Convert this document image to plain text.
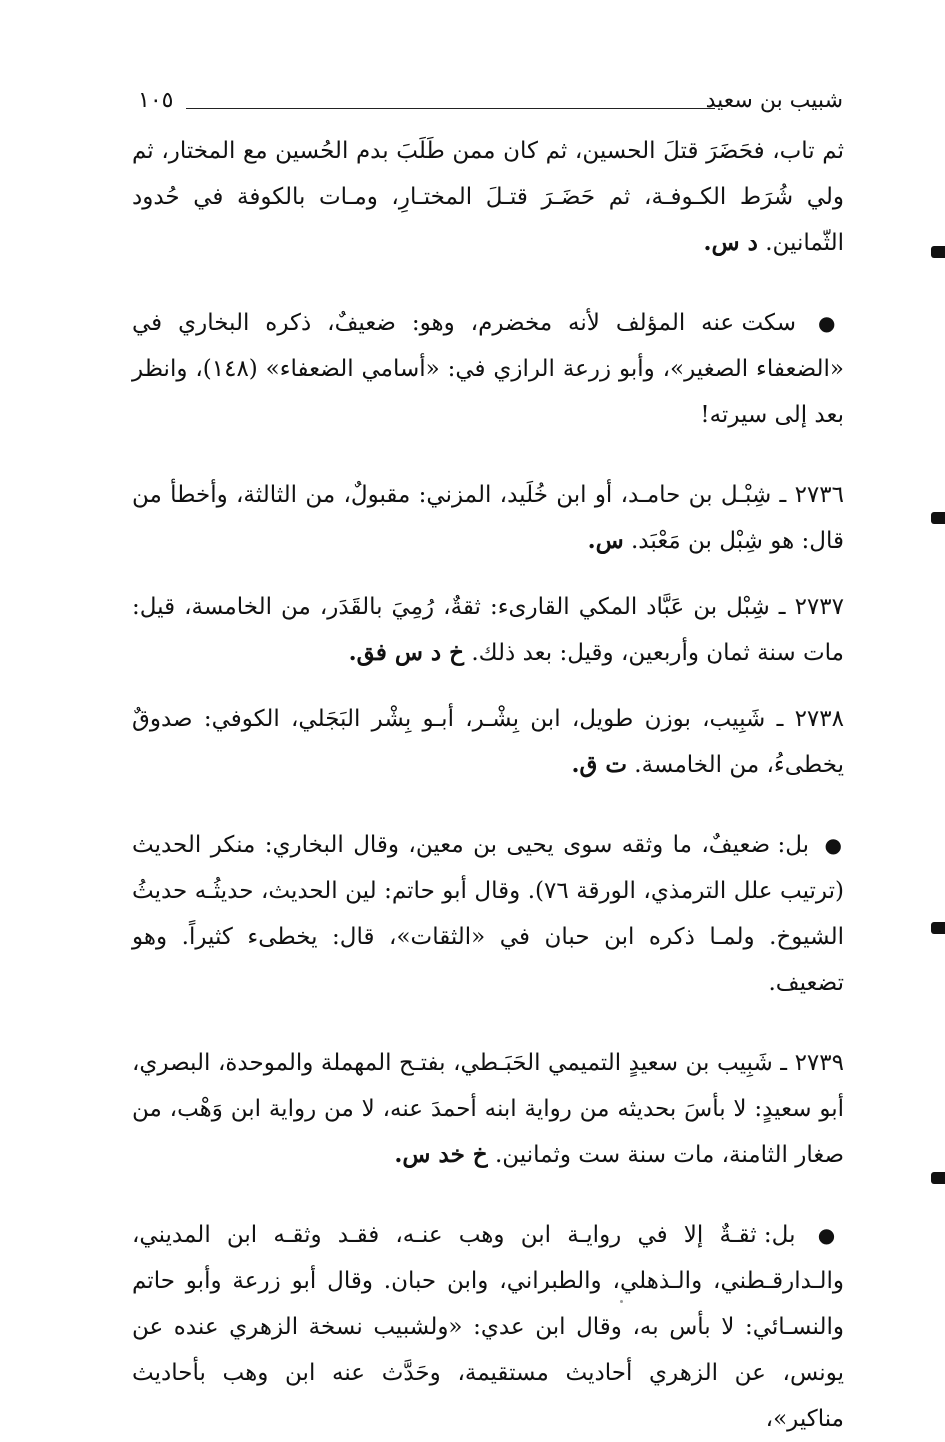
شبيب بن سعيد
١٠٥

ثم تاب، فحَضَرَ قتلَ الحسين، ثم كان ممن طَلَبَ بدم الحُسين مع المختار، ثم ولي شُرَط الكـوفـة، ثم حَضَـرَ قتـلَ المختـارِ، ومـات بالكوفة في حُدود الثّمانين. د س.

● سكت عنه المؤلف لأنه مخضرم، وهو: ضعيفٌ، ذكره البخاري في «الضعفاء الصغير»، وأبو زرعة الرازي في: «أسامي الضعفاء» (١٤٨)، وانظر بعد إلى سيرته!

٢٧٣٦ ـ شِبْـل بن حامـد، أو ابن خُلَيد، المزني: مقبولٌ، من الثالثة، وأخطأ من قال: هو شِبْل بن مَعْبَد. س.

٢٧٣٧ ـ شِبْل بن عَبَّاد المكي القارىء: ثقةٌ، رُمِيَ بالقَدَر، من الخامسة، قيل: مات سنة ثمان وأربعين، وقيل: بعد ذلك. خ د س فق.

٢٧٣٨ ـ شَبِيب، بوزن طويل، ابن بِشْـر، أبـو بِشْر البَجَلي، الكوفي: صدوقٌ يخطىءُ، من الخامسة. ت ق.

● بل: ضعيفٌ، ما وثقه سوى يحيى بن معين، وقال البخاري: منكر الحديث (ترتيب علل الترمذي، الورقة ٧٦). وقال أبو حاتم: لين الحديث، حديثُـه حديثُ الشيوخ. ولمـا ذكره ابن حبان في «الثقات»، قال: يخطىء كثيراً. وهو تضعيف.

٢٧٣٩ ـ شَبِيب بن سعيدٍ التميمي الحَبَـطي، بفتـح المهملة والموحدة، البصري، أبو سعيدٍ: لا بأسَ بحديثه من رواية ابنه أحمدَ عنه، لا من رواية ابن وَهْب، من صغار الثامنة، مات سنة ست وثمانين. خ خد س.

● بل: ثقـةٌ إلا في روايـة ابن وهب عنـه، فقـد وثقـه ابن المديني، والـدارقـطني، والـذهلي، والطبراني، وابن حبان. وقال أبو زرعة وأبو حاتم والنسـائي: لا بأس به، وقال ابن عدي: «ولشبيب نسخة الزهري عنده عن يونس، عن الزهري أحاديث مستقيمة، وحَدَّث عنه ابن وهب بأحاديث مناكير»،
